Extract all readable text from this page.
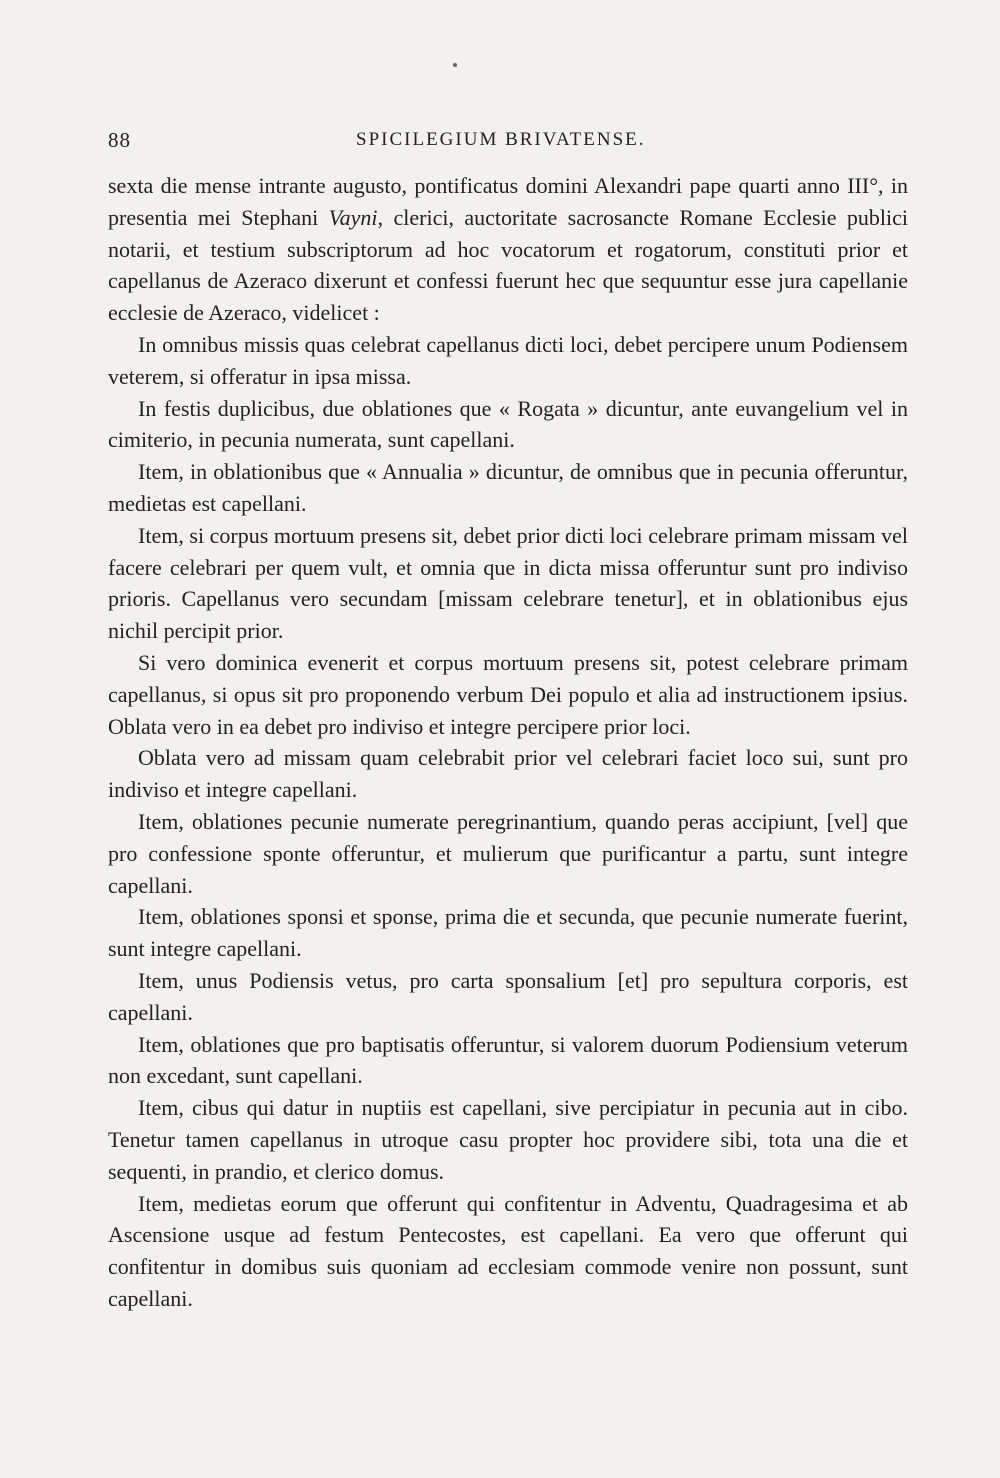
88	SPICILEGIUM BRIVATENSE.

sexta die mense intrante augusto, pontificatus domini Alexandri pape quarti anno III°, in presentia mei Stephani Vayni, clerici, auctoritate sacrosancte Romane Ecclesie publici notarii, et testium subscriptorum ad hoc vocatorum et rogatorum, constituti prior et capellanus de Azeraco dixerunt et confessi fuerunt hec que sequuntur esse jura capellanie ecclesie de Azeraco, videlicet :

In omnibus missis quas celebrat capellanus dicti loci, debet percipere unum Podiensem veterem, si offeratur in ipsa missa.

In festis duplicibus, due oblationes que « Rogata » dicuntur, ante euvangelium vel in cimiterio, in pecunia numerata, sunt capellani.

Item, in oblationibus que « Annualia » dicuntur, de omnibus que in pecunia offeruntur, medietas est capellani.

Item, si corpus mortuum presens sit, debet prior dicti loci celebrare primam missam vel facere celebrari per quem vult, et omnia que in dicta missa offeruntur sunt pro indiviso prioris. Capellanus vero secundam [missam celebrare tenetur], et in oblationibus ejus nichil percipit prior.

Si vero dominica evenerit et corpus mortuum presens sit, potest celebrare primam capellanus, si opus sit pro proponendo verbum Dei populo et alia ad instructionem ipsius. Oblata vero in ea debet pro indiviso et integre percipere prior loci.

Oblata vero ad missam quam celebrabit prior vel celebrari faciet loco sui, sunt pro indiviso et integre capellani.

Item, oblationes pecunie numerate peregrinantium, quando peras accipiunt, [vel] que pro confessione sponte offeruntur, et mulierum que purificantur a partu, sunt integre capellani.

Item, oblationes sponsi et sponse, prima die et secunda, que pecunie numerate fuerint, sunt integre capellani.

Item, unus Podiensis vetus, pro carta sponsalium [et] pro sepultura corporis, est capellani.

Item, oblationes que pro baptisatis offeruntur, si valorem duorum Podiensium veterum non excedant, sunt capellani.

Item, cibus qui datur in nuptiis est capellani, sive percipiatur in pecunia aut in cibo. Tenetur tamen capellanus in utroque casu propter hoc providere sibi, tota una die et sequenti, in prandio, et clerico domus.

Item, medietas eorum que offerunt qui confitentur in Adventu, Quadragesima et ab Ascensione usque ad festum Pentecostes, est capellani. Ea vero que offerunt qui confitentur in domibus suis quoniam ad ecclesiam commode venire non possunt, sunt capellani.
